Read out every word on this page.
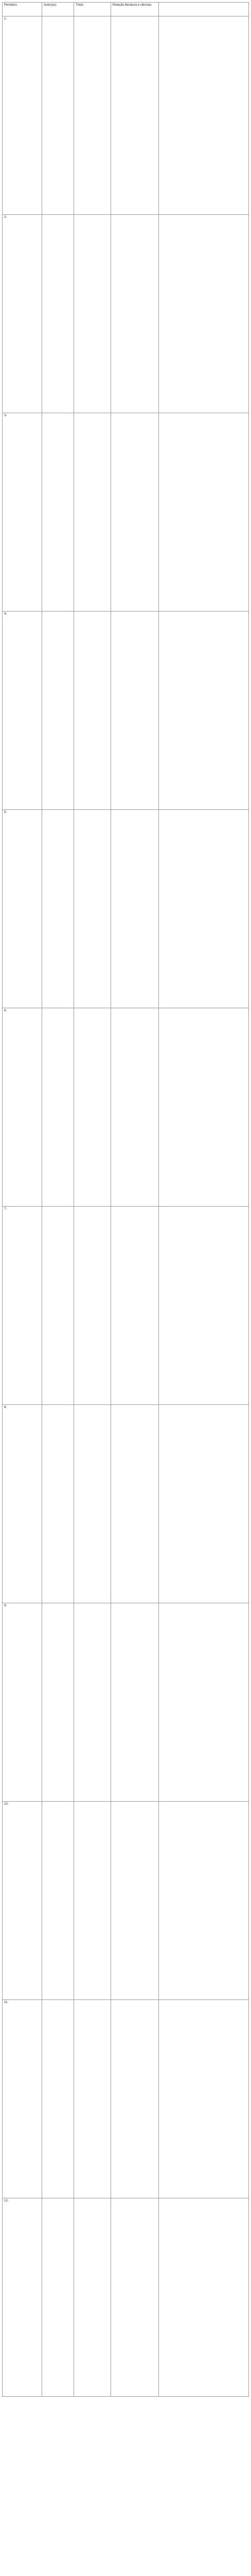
Periódico	Autor(es)	Título	Relação literatura e ciências	
1-				
2-				
3-				
4-				
5-				
6-				
7-				
8-				
9-				
10-				
11-				
12-				
